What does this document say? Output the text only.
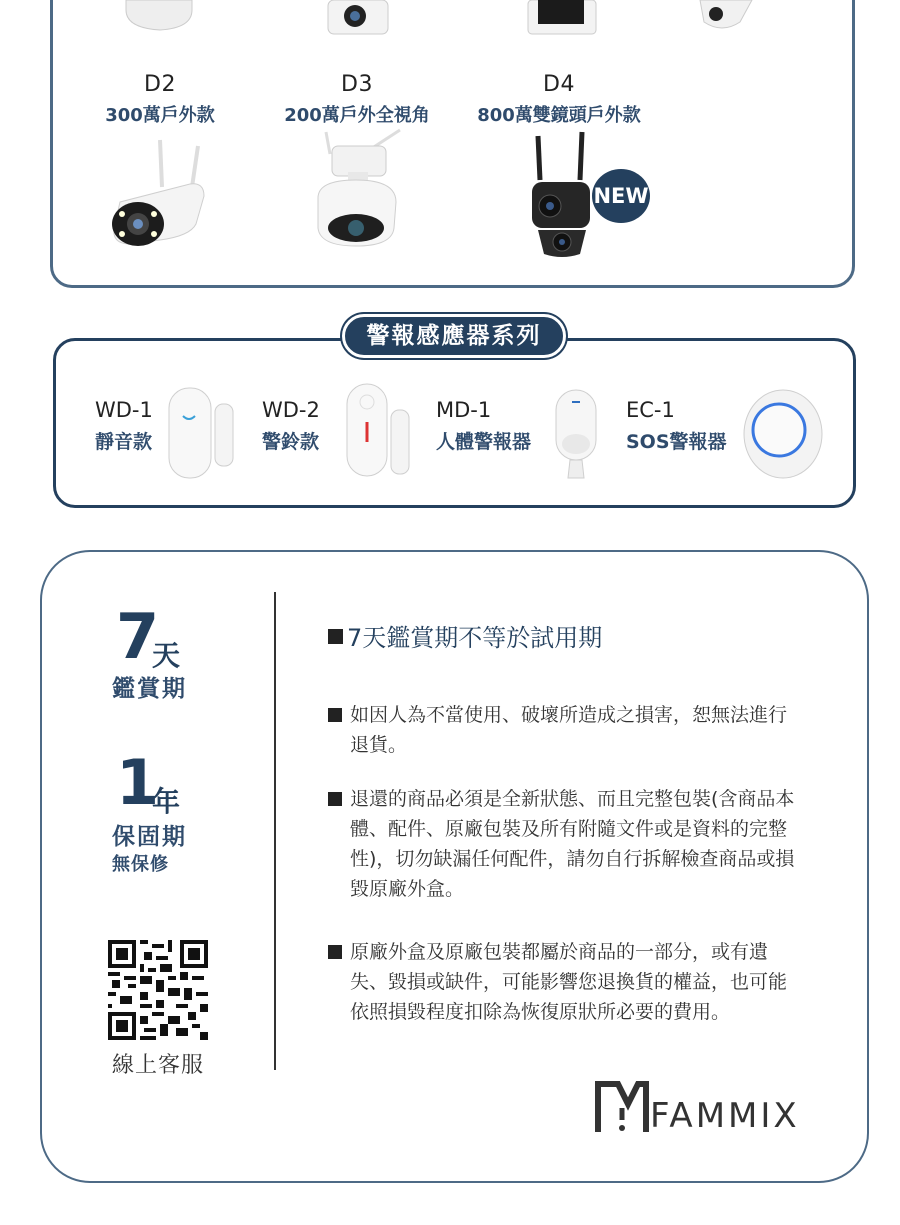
D2
300萬戶外款
D3
200萬戶外全視角
D4
800萬雙鏡頭戶外款
NEW
警報感應器系列
WD-1
靜音款
WD-2
警鈴款
MD-1
人體警報器
EC-1
SOS警報器
7
天
鑑賞期
1
年
保固期
無保修
線上客服
7天鑑賞期不等於試用期
如因人為不當使用、破壞所造成之損害，恕無法進行退貨。
退還的商品必須是全新狀態、而且完整包裝(含商品本體、配件、原廠包裝及所有附隨文件或是資料的完整性)，切勿缺漏任何配件，請勿自行拆解檢查商品或損毀原廠外盒。
原廠外盒及原廠包裝都屬於商品的一部分，或有遺失、毀損或缺件，可能影響您退換貨的權益，也可能依照損毀程度扣除為恢復原狀所必要的費用。
FAMMIX
